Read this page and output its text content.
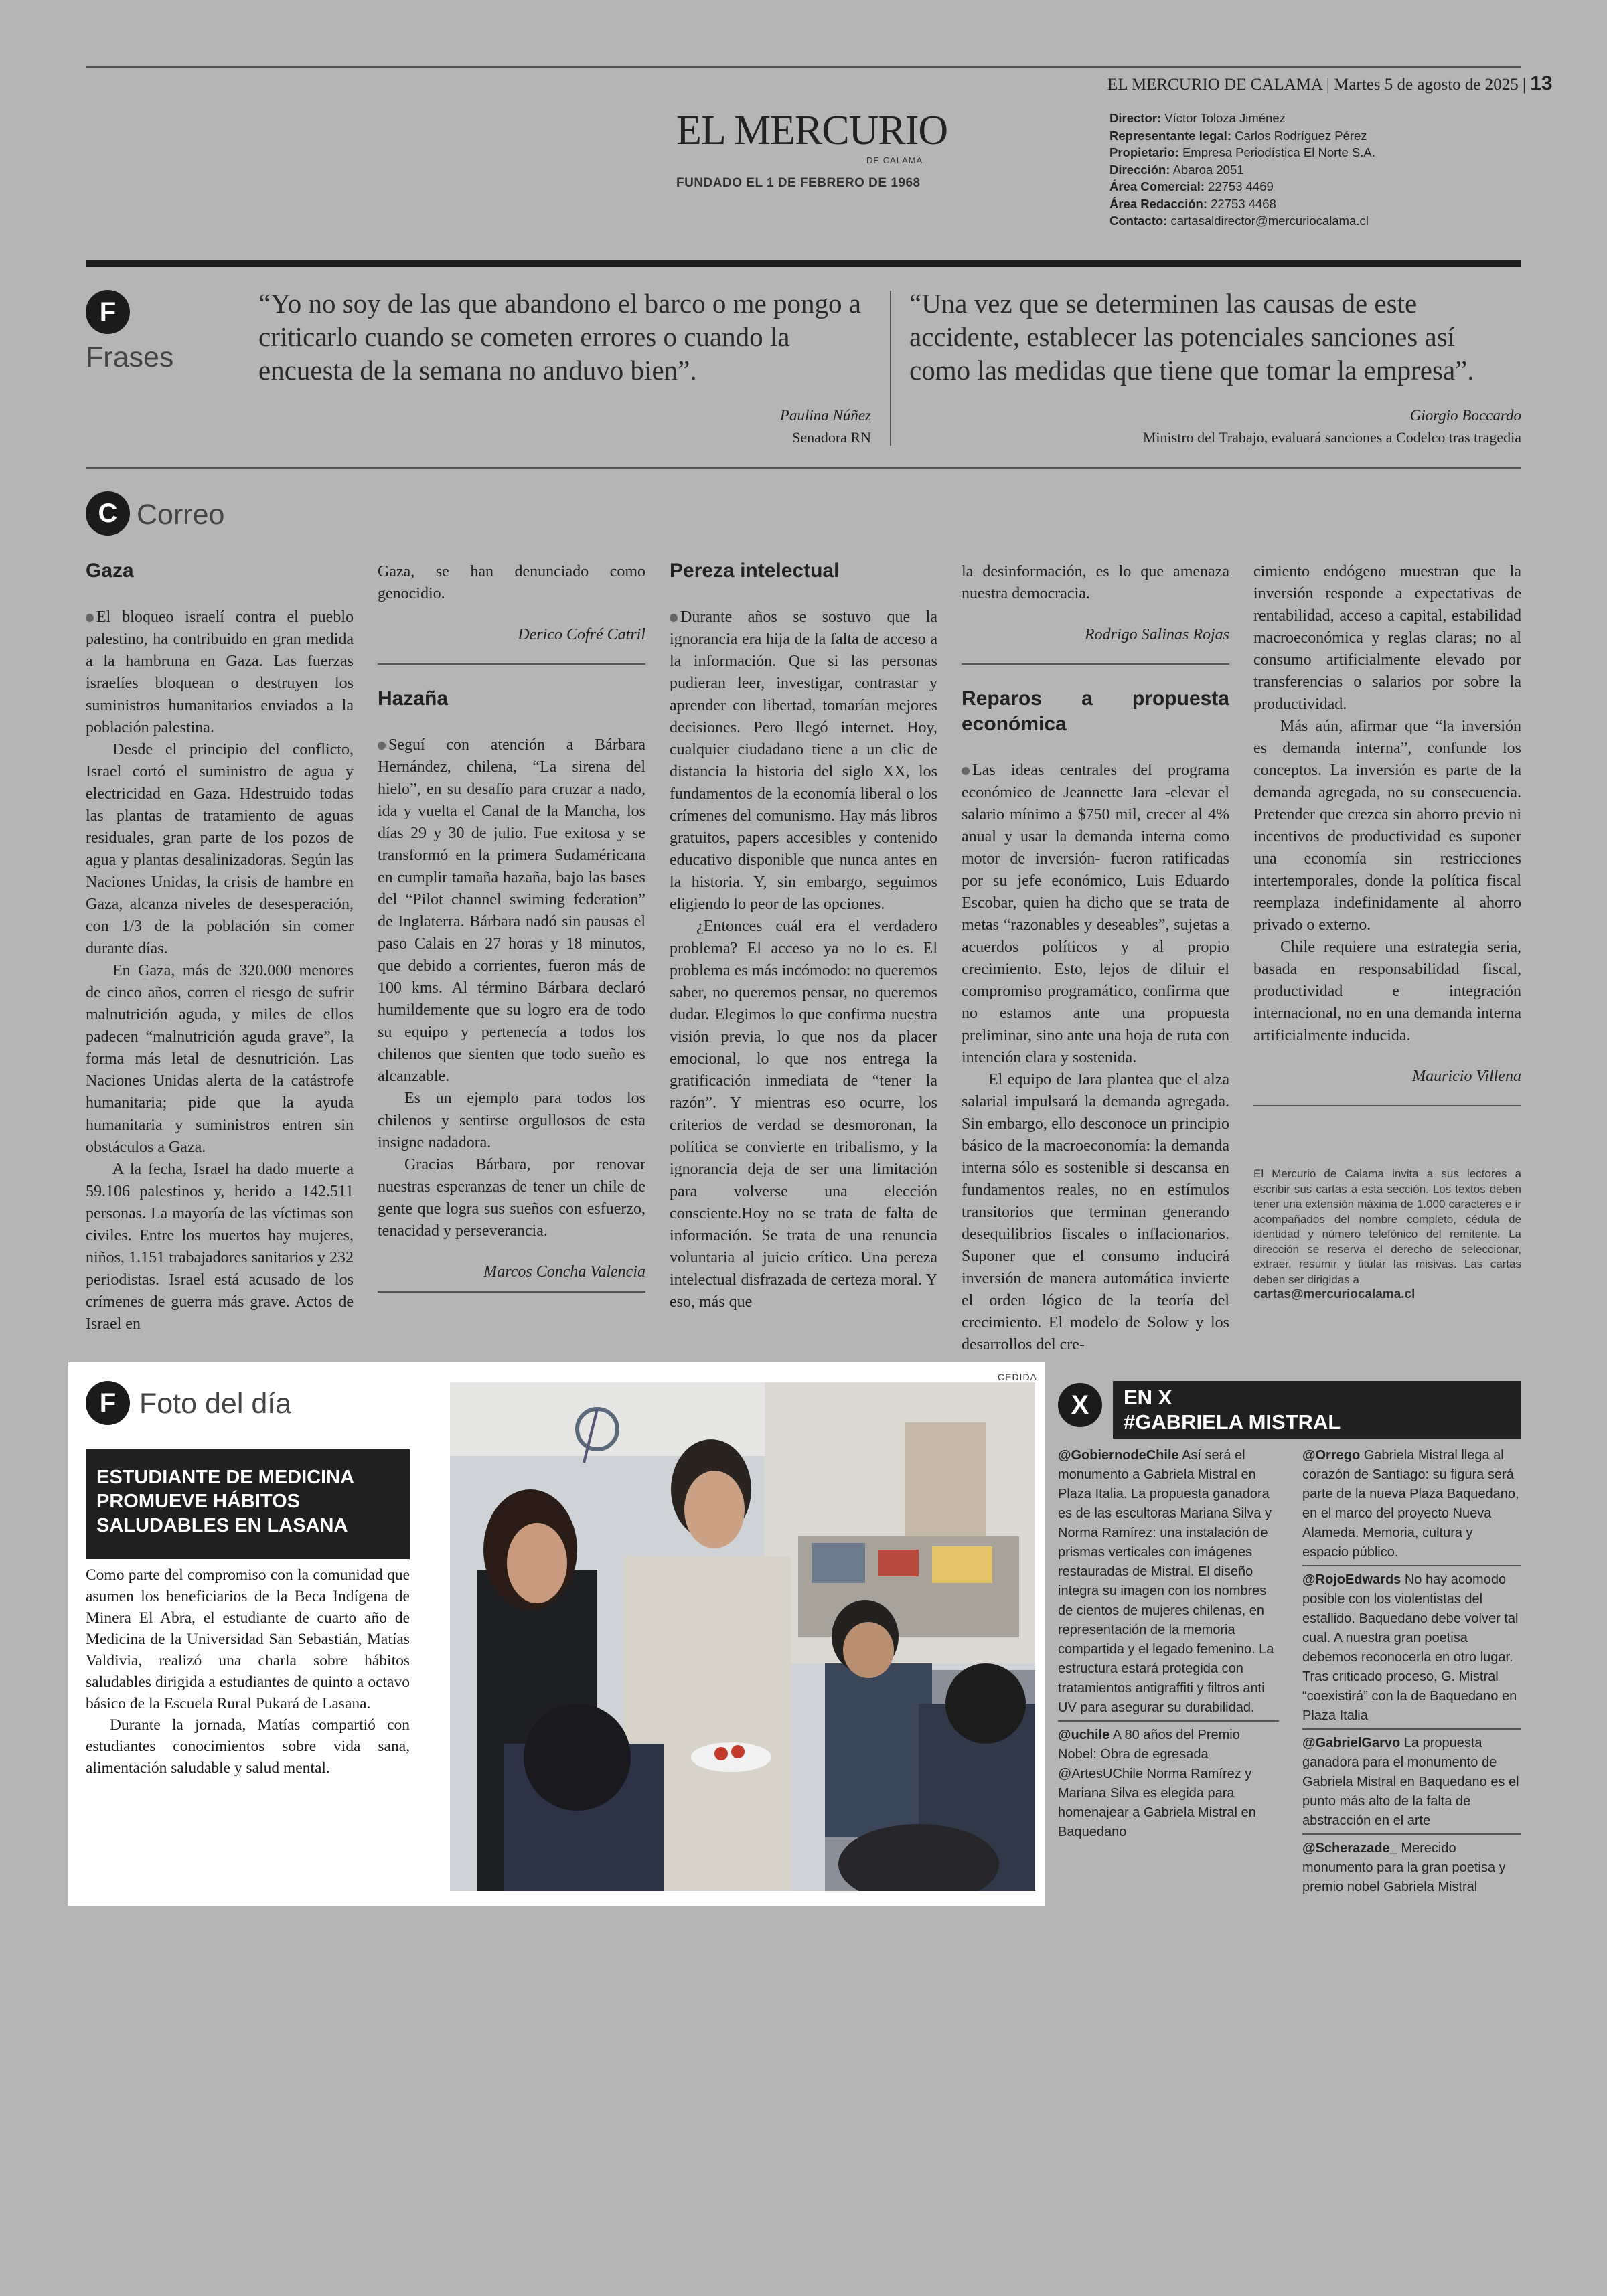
EL MERCURIO DE CALAMA | Martes 5 de agosto de 2025 | 13
EL MERCURIO
DE CALAMA
FUNDADO EL 1 DE FEBRERO DE 1968
Director: Víctor Toloza Jiménez
Representante legal: Carlos Rodríguez Pérez
Propietario: Empresa Periodística El Norte S.A.
Dirección: Abaroa 2051
Área Comercial: 22753 4469
Área Redacción: 22753 4468
Contacto: cartasaldirector@mercuriocalama.cl
F
Frases
“Yo no soy de las que abandono el barco o me pongo a criticarlo cuando se cometen errores o cuando la encuesta de la semana no anduvo bien”.
Paulina Núñez
Senadora RN
“Una vez que se determinen las causas de este accidente, establecer las potenciales sanciones así como las medidas que tiene que tomar la empresa”.
Giorgio Boccardo
Ministro del Trabajo, evaluará sanciones a Codelco tras tragedia
C Correo
Gaza

El bloqueo israelí contra el pueblo palestino, ha contribuido en gran medida a la hambruna en Gaza. Las fuerzas israelíes bloquean o destruyen los suministros humanitarios enviados a la población palestina.

Desde el principio del conflicto, Israel cortó el suministro de agua y electricidad en Gaza. Hdestruido todas las plantas de tratamiento de aguas residuales, gran parte de los pozos de agua y plantas desalinizadoras. Según las Naciones Unidas, la crisis de hambre en Gaza, alcanza niveles de desesperación, con 1/3 de la población sin comer durante días.

En Gaza, más de 320.000 menores de cinco años, corren el riesgo de sufrir malnutrición aguda, y miles de ellos padecen “malnutrición aguda grave”, la forma más letal de desnutrición. Las Naciones Unidas alerta de la catástrofe humanitaria; pide que la ayuda humanitaria y suministros entren sin obstáculos a Gaza.

A la fecha, Israel ha dado muerte a 59.106 palestinos y, herido a 142.511 personas. La mayoría de las víctimas son civiles. Entre los muertos hay mujeres, niños, 1.151 trabajadores sanitarios y 232 periodistas. Israel está acusado de los crímenes de guerra más grave. Actos de Israel en

Gaza, se han denunciado como genocidio.

Derico Cofré Catril

Hazaña

Seguí con atención a Bárbara Hernández, chilena, “La sirena del hielo”, en su desafío para cruzar a nado, ida y vuelta el Canal de la Mancha, los días 29 y 30 de julio. Fue exitosa y se transformó en la primera Sudaméricana en cumplir tamaña hazaña, bajo las bases del “Pilot channel swiming federation” de Inglaterra. Bárbara nadó sin pausas el paso Calais en 27 horas y 18 minutos, que debido a corrientes, fueron más de 100 kms. Al término Bárbara declaró humildemente que su logro era de todo su equipo y pertenecía a todos los chilenos que sienten que todo sueño es alcanzable.

Es un ejemplo para todos los chilenos y sentirse orgullosos de esta insigne nadadora.

Gracias Bárbara, por renovar nuestras esperanzas de tener un chile de gente que logra sus sueños con esfuerzo, tenacidad y perseverancia.

Marcos Concha Valencia

Pereza intelectual

Durante años se sostuvo que la ignorancia era hija de la falta de acceso a la información. Que si las personas pudieran leer, investigar, contrastar y aprender con libertad, tomarían mejores decisiones. Pero llegó internet. Hoy, cualquier ciudadano tiene a un clic de distancia la historia del siglo XX, los fundamentos de la economía liberal o los crímenes del comunismo. Hay más libros gratuitos, papers accesibles y contenido educativo disponible que nunca antes en la historia. Y, sin embargo, seguimos eligiendo lo peor de las opciones.

¿Entonces cuál era el verdadero problema? El acceso ya no lo es. El problema es más incómodo: no queremos saber, no queremos pensar, no queremos dudar. Elegimos lo que confirma nuestra visión previa, lo que nos da placer emocional, lo que nos entrega la gratificación inmediata de “tener la razón”. Y mientras eso ocurre, los criterios de verdad se desmoronan, la política se convierte en tribalismo, y la ignorancia deja de ser una limitación para volverse una elección consciente.Hoy no se trata de falta de información. Se trata de una renuncia voluntaria al juicio crítico. Una pereza intelectual disfrazada de certeza moral. Y eso, más que

la desinformación, es lo que amenaza nuestra democracia.

Rodrigo Salinas Rojas

Reparos a propuesta económica

Las ideas centrales del programa económico de Jeannette Jara -elevar el salario mínimo a $750 mil, crecer al 4% anual y usar la demanda interna como motor de inversión- fueron ratificadas por su jefe económico, Luis Eduardo Escobar, quien ha dicho que se trata de metas “razonables y deseables”, sujetas a acuerdos políticos y al propio crecimiento. Esto, lejos de diluir el compromiso programático, confirma que no estamos ante una propuesta preliminar, sino ante una hoja de ruta con intención clara y sostenida.

El equipo de Jara plantea que el alza salarial impulsará la demanda agregada. Sin embargo, ello desconoce un principio básico de la macroeconomía: la demanda interna sólo es sostenible si descansa en fundamentos reales, no en estímulos transitorios que terminan generando desequilibrios fiscales o inflacionarios. Suponer que el consumo inducirá inversión de manera automática invierte el orden lógico de la teoría del crecimiento. El modelo de Solow y los desarrollos del cre-

cimiento endógeno muestran que la inversión responde a expectativas de rentabilidad, acceso a capital, estabilidad macroeconómica y reglas claras; no al consumo artificialmente elevado por transferencias o salarios por sobre la productividad.

Más aún, afirmar que “la inversión es demanda interna”, confunde los conceptos. La inversión es parte de la demanda agregada, no su consecuencia. Pretender que crezca sin ahorro previo ni incentivos de productividad es suponer una economía sin restricciones intertemporales, donde la política fiscal reemplaza indefinidamente al ahorro privado o externo.

Chile requiere una estrategia seria, basada en responsabilidad fiscal, productividad e integración internacional, no en una demanda interna artificialmente inducida.

Mauricio Villena

El Mercurio de Calama invita a sus lectores a escribir sus cartas a esta sección. Los textos deben tener una extensión máxima de 1.000 caracteres e ir acompañados del nombre completo, cédula de identidad y número telefónico del remitente. La dirección se reserva el derecho de seleccionar, extraer, resumir y titular las misivas. Las cartas deben ser dirigidas a
cartas@mercuriocalama.cl
F Foto del día
ESTUDIANTE DE MEDICINA PROMUEVE HÁBITOS SALUDABLES EN LASANA

Como parte del compromiso con la comunidad que asumen los beneficiarios de la Beca Indígena de Minera El Abra, el estudiante de cuarto año de Medicina de la Universidad San Sebastián, Matías Valdivia, realizó una charla sobre hábitos saludables dirigida a estudiantes de quinto a octavo básico de la Escuela Rural Pukará de Lasana.

Durante la jornada, Matías compartió con estudiantes conocimientos sobre vida sana, alimentación saludable y salud mental.

CEDIDA
X	EN X
#GABRIELA MISTRAL
@GobiernodeChile Así será el monumento a Gabriela Mistral en Plaza Italia. La propuesta ganadora es de las escultoras Mariana Silva y Norma Ramírez: una instalación de prismas verticales con imágenes restauradas de Mistral. El diseño integra su imagen con los nombres de cientos de mujeres chilenas, en representación de la memoria compartida y el legado femenino. La estructura estará protegida con tratamientos antigraffiti y filtros anti UV para asegurar su durabilidad.
@uchile A 80 años del Premio Nobel: Obra de egresada @ArtesUChile Norma Ramírez y Mariana Silva es elegida para homenajear a Gabriela Mistral en Baquedano
@Orrego Gabriela Mistral llega al corazón de Santiago: su figura será parte de la nueva Plaza Baquedano, en el marco del proyecto Nueva Alameda. Memoria, cultura y espacio público.
@RojoEdwards No hay acomodo posible con los violentistas del estallido. Baquedano debe volver tal cual. A nuestra gran poetisa debemos reconocerla en otro lugar. Tras criticado proceso, G. Mistral “coexistirá” con la de Baquedano en Plaza Italia
@GabrielGarvo La propuesta ganadora para el monumento de Gabriela Mistral en Baquedano es el punto más alto de la falta de abstracción en el arte
@Scherazade_ Merecido monumento para la gran poetisa y premio nobel Gabriela Mistral
